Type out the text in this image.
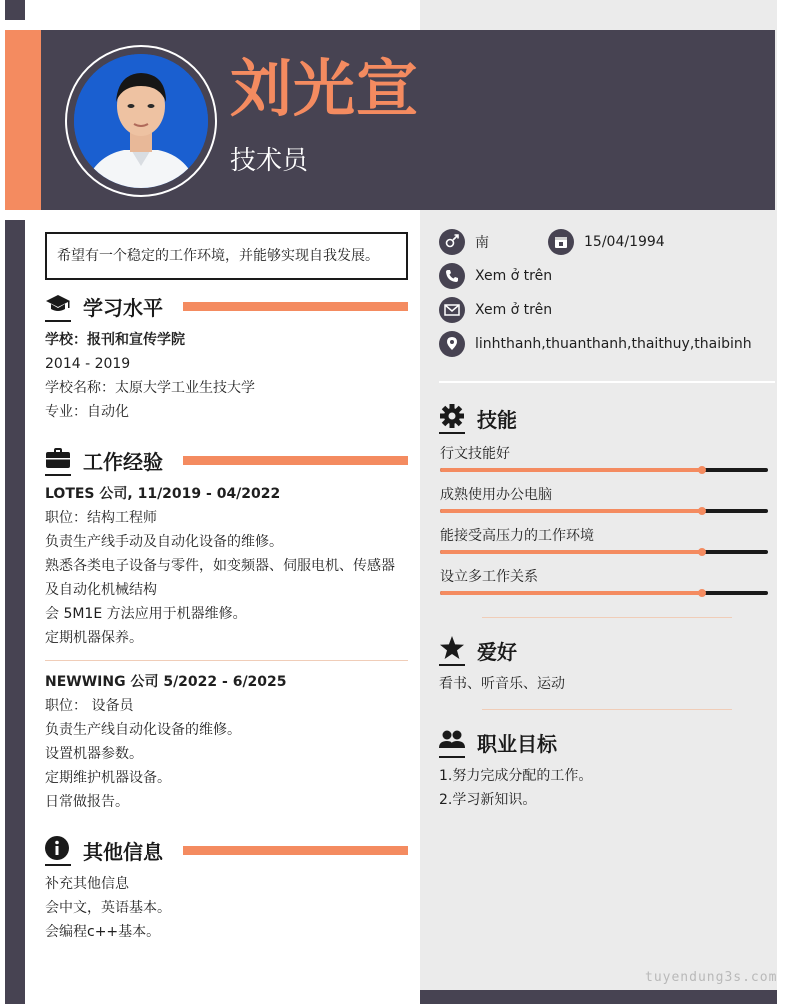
刘光宣
技术员
希望有一个稳定的工作环境，并能够实现自我发展。
学习水平
学校：报刊和宣传学院
2014 - 2019
学校名称：太原大学工业生技大学
专业：自动化
工作经验
LOTES 公司, 11/2019 - 04/2022
职位：结构工程师
负责生产线手动及自动化设备的维修。
熟悉各类电子设备与零件，如变频器、伺服电机、传感器
及自动化机械结构
会 5M1E 方法应用于机器维修。
定期机器保养。
NEWWING 公司 5/2022 - 6/2025
职位： 设备员
负责生产线自动化设备的维修。
设置机器参数。
定期维护机器设备。
日常做报告。
其他信息
补充其他信息
会中文，英语基本。
会编程c++基本。
南	15/04/1994
Xem ở trên
Xem ở trên
linhthanh,thuanthanh,thaithuy,thaibinh
技能
行文技能好
成熟使用办公电脑
能接受高压力的工作环境
设立多工作关系
爱好
看书、听音乐、运动
职业目标
1.努力完成分配的工作。
2.学习新知识。
tuyendung3s.com
